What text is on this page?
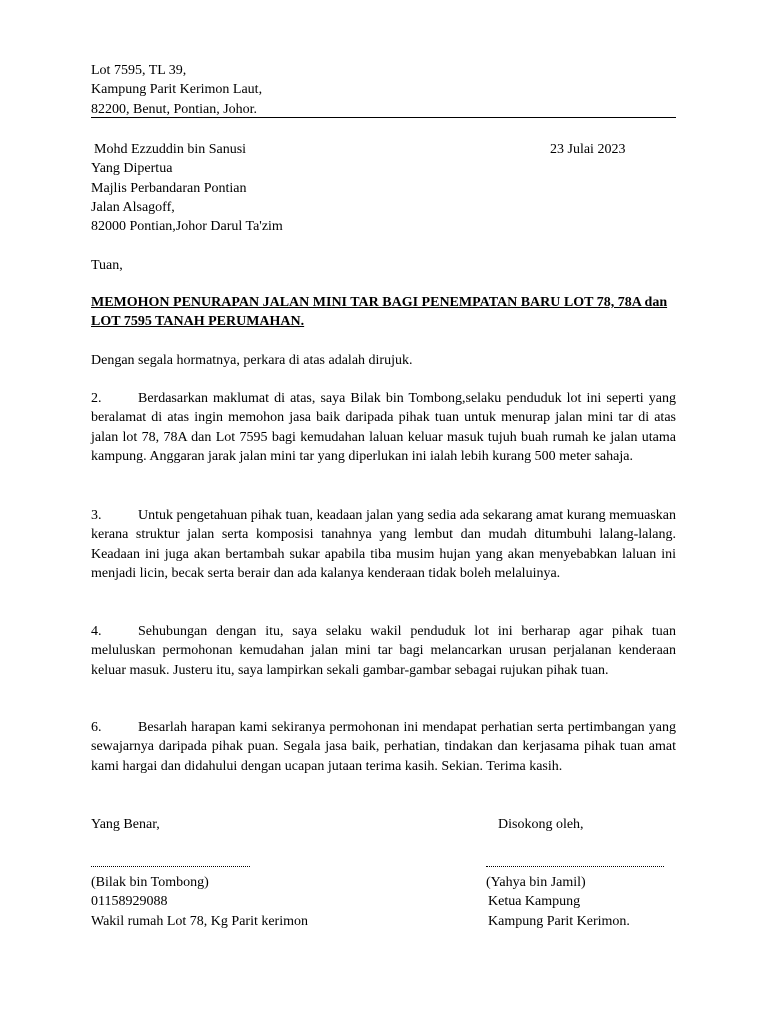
Lot 7595, TL 39,
Kampung Parit Kerimon Laut,
82200, Benut, Pontian, Johor.
Mohd Ezzuddin bin Sanusi
Yang Dipertua
Majlis Perbandaran Pontian
Jalan Alsagoff,
82000 Pontian,Johor Darul Ta'zim
23 Julai 2023
Tuan,
MEMOHON PENURAPAN JALAN MINI TAR BAGI PENEMPATAN BARU LOT 78, 78A dan LOT 7595 TANAH PERUMAHAN.
Dengan segala hormatnya, perkara di atas adalah dirujuk.
2.	Berdasarkan maklumat di atas, saya Bilak bin Tombong,selaku penduduk lot ini seperti yang beralamat di atas ingin memohon jasa baik daripada pihak tuan untuk menurap jalan mini tar di atas jalan lot 78, 78A dan Lot 7595 bagi kemudahan laluan keluar masuk tujuh buah rumah ke jalan utama kampung. Anggaran jarak jalan mini tar yang diperlukan ini ialah lebih kurang 500 meter sahaja.
3.	Untuk pengetahuan pihak tuan, keadaan jalan yang sedia ada sekarang amat kurang memuaskan kerana struktur jalan serta komposisi tanahnya yang lembut dan mudah ditumbuhi lalang-lalang. Keadaan ini juga akan bertambah sukar apabila tiba musim hujan yang akan menyebabkan laluan ini menjadi licin, becak serta berair dan ada kalanya kenderaan tidak boleh melaluinya.
4.	Sehubungan dengan itu, saya selaku wakil penduduk lot ini berharap agar pihak tuan meluluskan permohonan kemudahan jalan mini tar bagi melancarkan urusan perjalanan kenderaan keluar masuk. Justeru itu, saya lampirkan sekali gambar-gambar sebagai rujukan pihak tuan.
6.	Besarlah harapan kami sekiranya permohonan ini mendapat perhatian serta pertimbangan yang sewajarnya daripada pihak puan. Segala jasa baik, perhatian, tindakan dan kerjasama pihak tuan amat kami hargai dan didahului dengan ucapan jutaan terima kasih. Sekian. Terima kasih.
Yang Benar,	Disokong oleh,
(Bilak bin Tombong)
01158929088
Wakil rumah Lot 78, Kg Parit kerimon
(Yahya bin Jamil)
Ketua Kampung
Kampung Parit Kerimon.
